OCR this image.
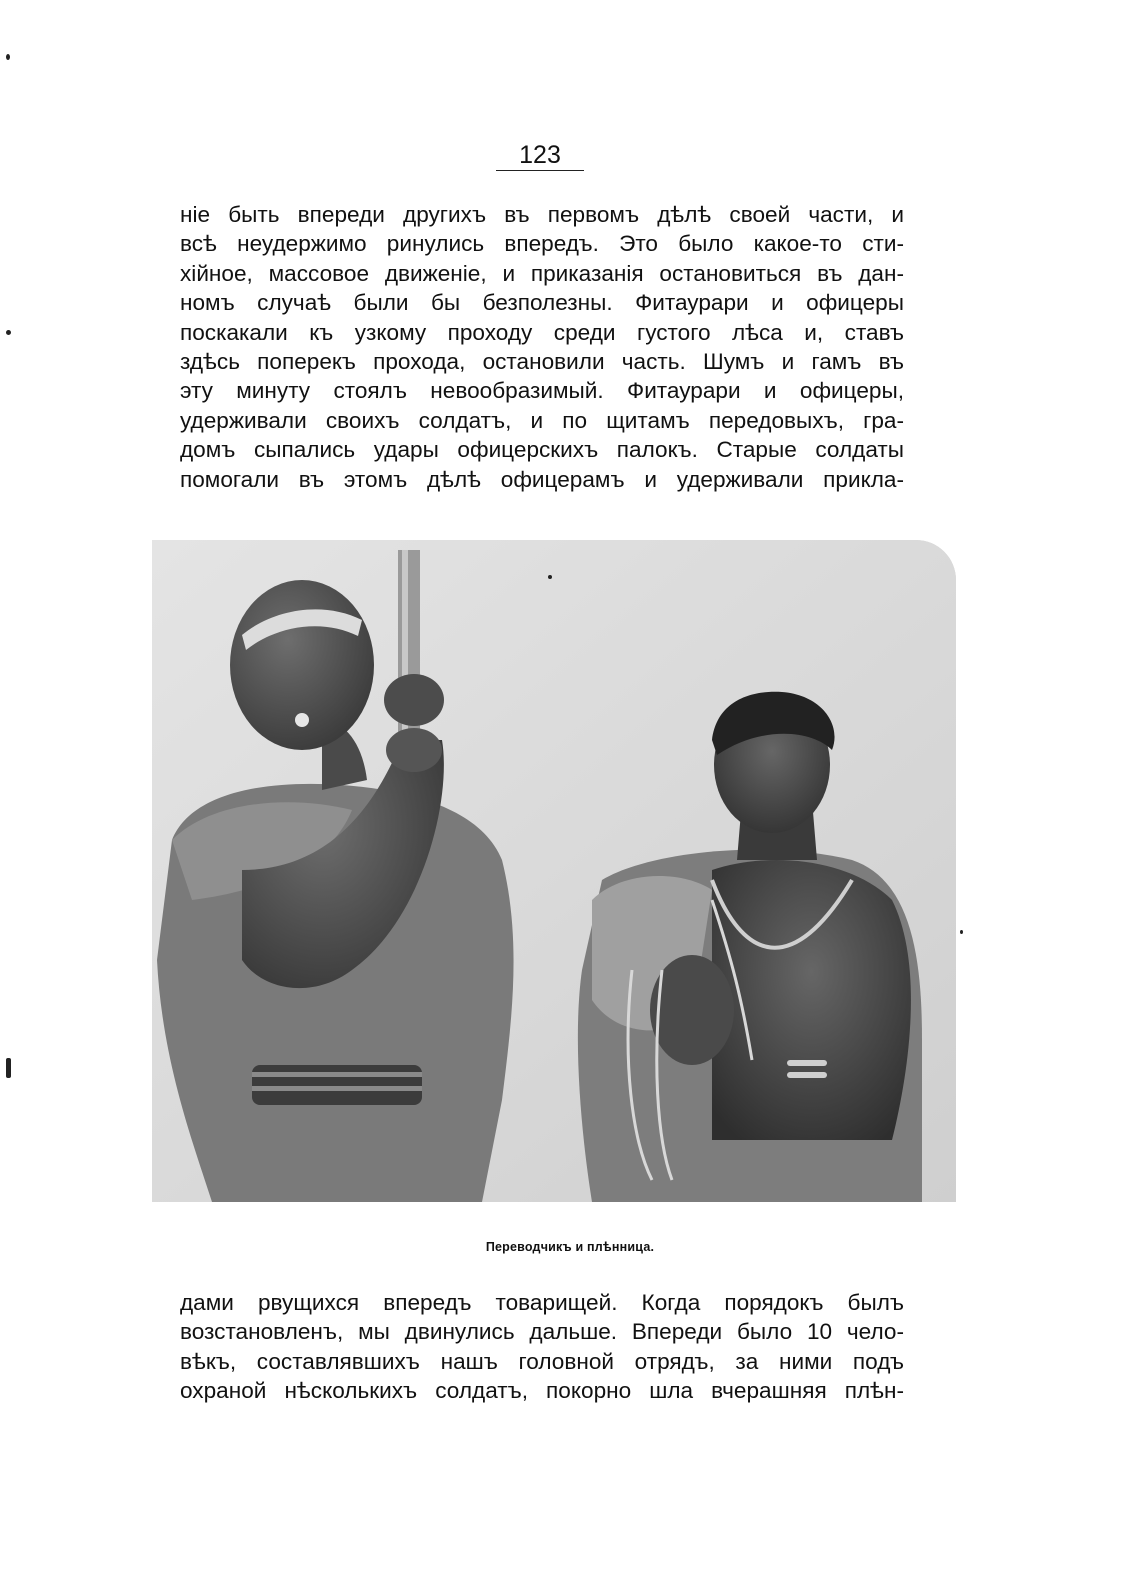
123
ніе быть впереди другихъ въ первомъ дѣлѣ своей части, и
всѣ неудержимо ринулись впередъ. Это было какое-то сти-
хійное, массовое движеніе, и приказанія остановиться въ дан-
номъ случаѣ были бы безполезны. Фитаурари и офицеры
поскакали къ узкому проходу среди густого лѣса и, ставъ
здѣсь поперекъ прохода, остановили часть. Шумъ и гамъ въ
эту минуту стоялъ невообразимый. Фитаурари и офицеры,
удерживали своихъ солдатъ, и по щитамъ передовыхъ, гра-
домъ сыпались удары офицерскихъ палокъ. Старые солдаты
помогали въ этомъ дѣлѣ офицерамъ и удерживали прикла-
Переводчикъ и плѣнница.
дами рвущихся впередъ товарищей. Когда порядокъ былъ
возстановленъ, мы двинулись дальше. Впереди было 10 чело-
вѣкъ, составлявшихъ нашъ головной отрядъ, за ними подъ
охраной нѣсколькихъ солдатъ, покорно шла вчерашняя плѣн-
